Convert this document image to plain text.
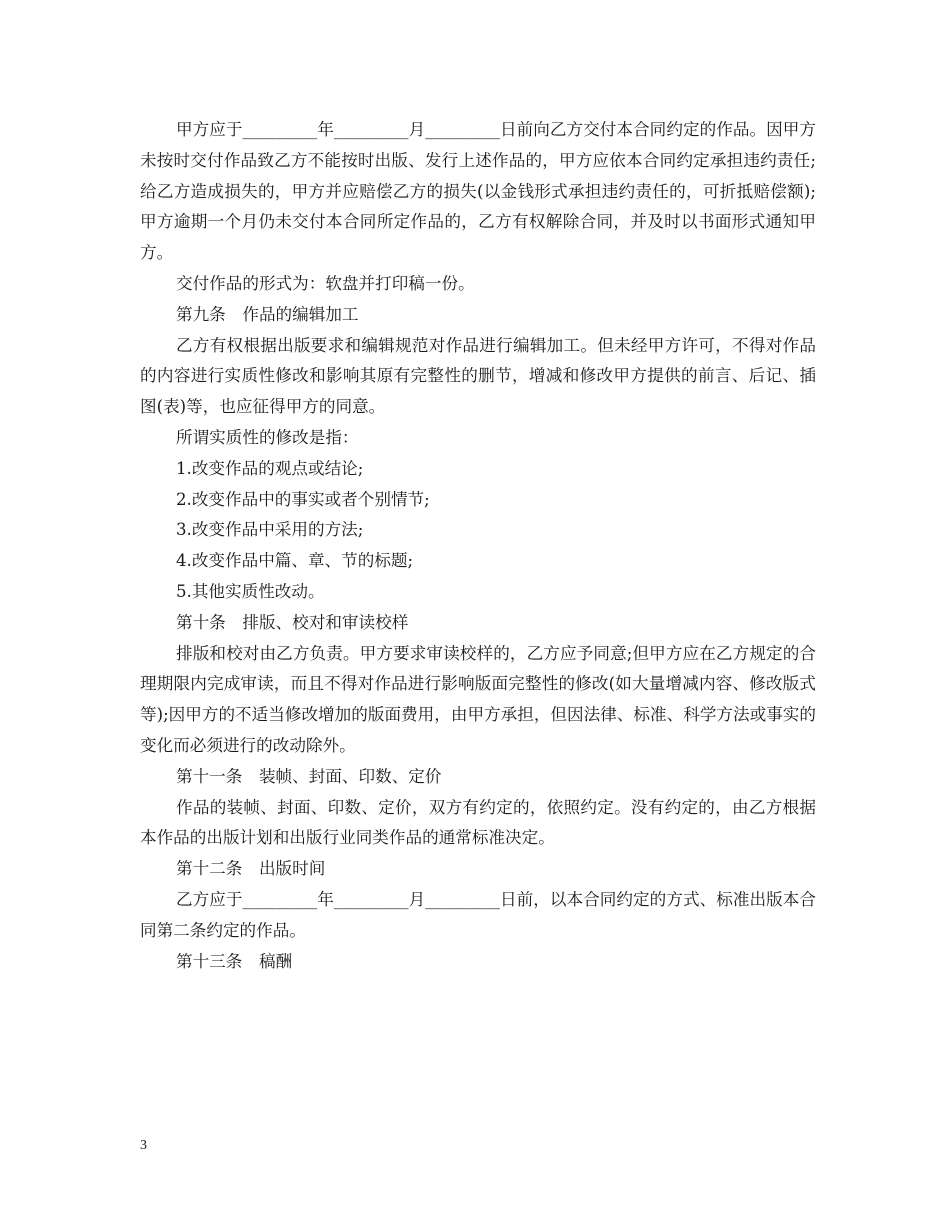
甲方应于_________年_________月_________日前向乙方交付本合同约定的作品。因甲方未按时交付作品致乙方不能按时出版、发行上述作品的，甲方应依本合同约定承担违约责任;给乙方造成损失的，甲方并应赔偿乙方的损失(以金钱形式承担违约责任的，可折抵赔偿额);甲方逾期一个月仍未交付本合同所定作品的，乙方有权解除合同，并及时以书面形式通知甲方。

交付作品的形式为：软盘并打印稿一份。

第九条　作品的编辑加工

乙方有权根据出版要求和编辑规范对作品进行编辑加工。但未经甲方许可，不得对作品的内容进行实质性修改和影响其原有完整性的删节，增减和修改甲方提供的前言、后记、插图(表)等，也应征得甲方的同意。

所谓实质性的修改是指：

1.改变作品的观点或结论;

2.改变作品中的事实或者个别情节;

3.改变作品中采用的方法;

4.改变作品中篇、章、节的标题;

5.其他实质性改动。

第十条　排版、校对和审读校样

排版和校对由乙方负责。甲方要求审读校样的，乙方应予同意;但甲方应在乙方规定的合理期限内完成审读，而且不得对作品进行影响版面完整性的修改(如大量增减内容、修改版式等);因甲方的不适当修改增加的版面费用，由甲方承担，但因法律、标准、科学方法或事实的变化而必须进行的改动除外。

第十一条　装帧、封面、印数、定价

作品的装帧、封面、印数、定价，双方有约定的，依照约定。没有约定的，由乙方根据本作品的出版计划和出版行业同类作品的通常标准决定。

第十二条　出版时间

乙方应于_________年_________月_________日前，以本合同约定的方式、标准出版本合同第二条约定的作品。

第十三条　稿酬

3
